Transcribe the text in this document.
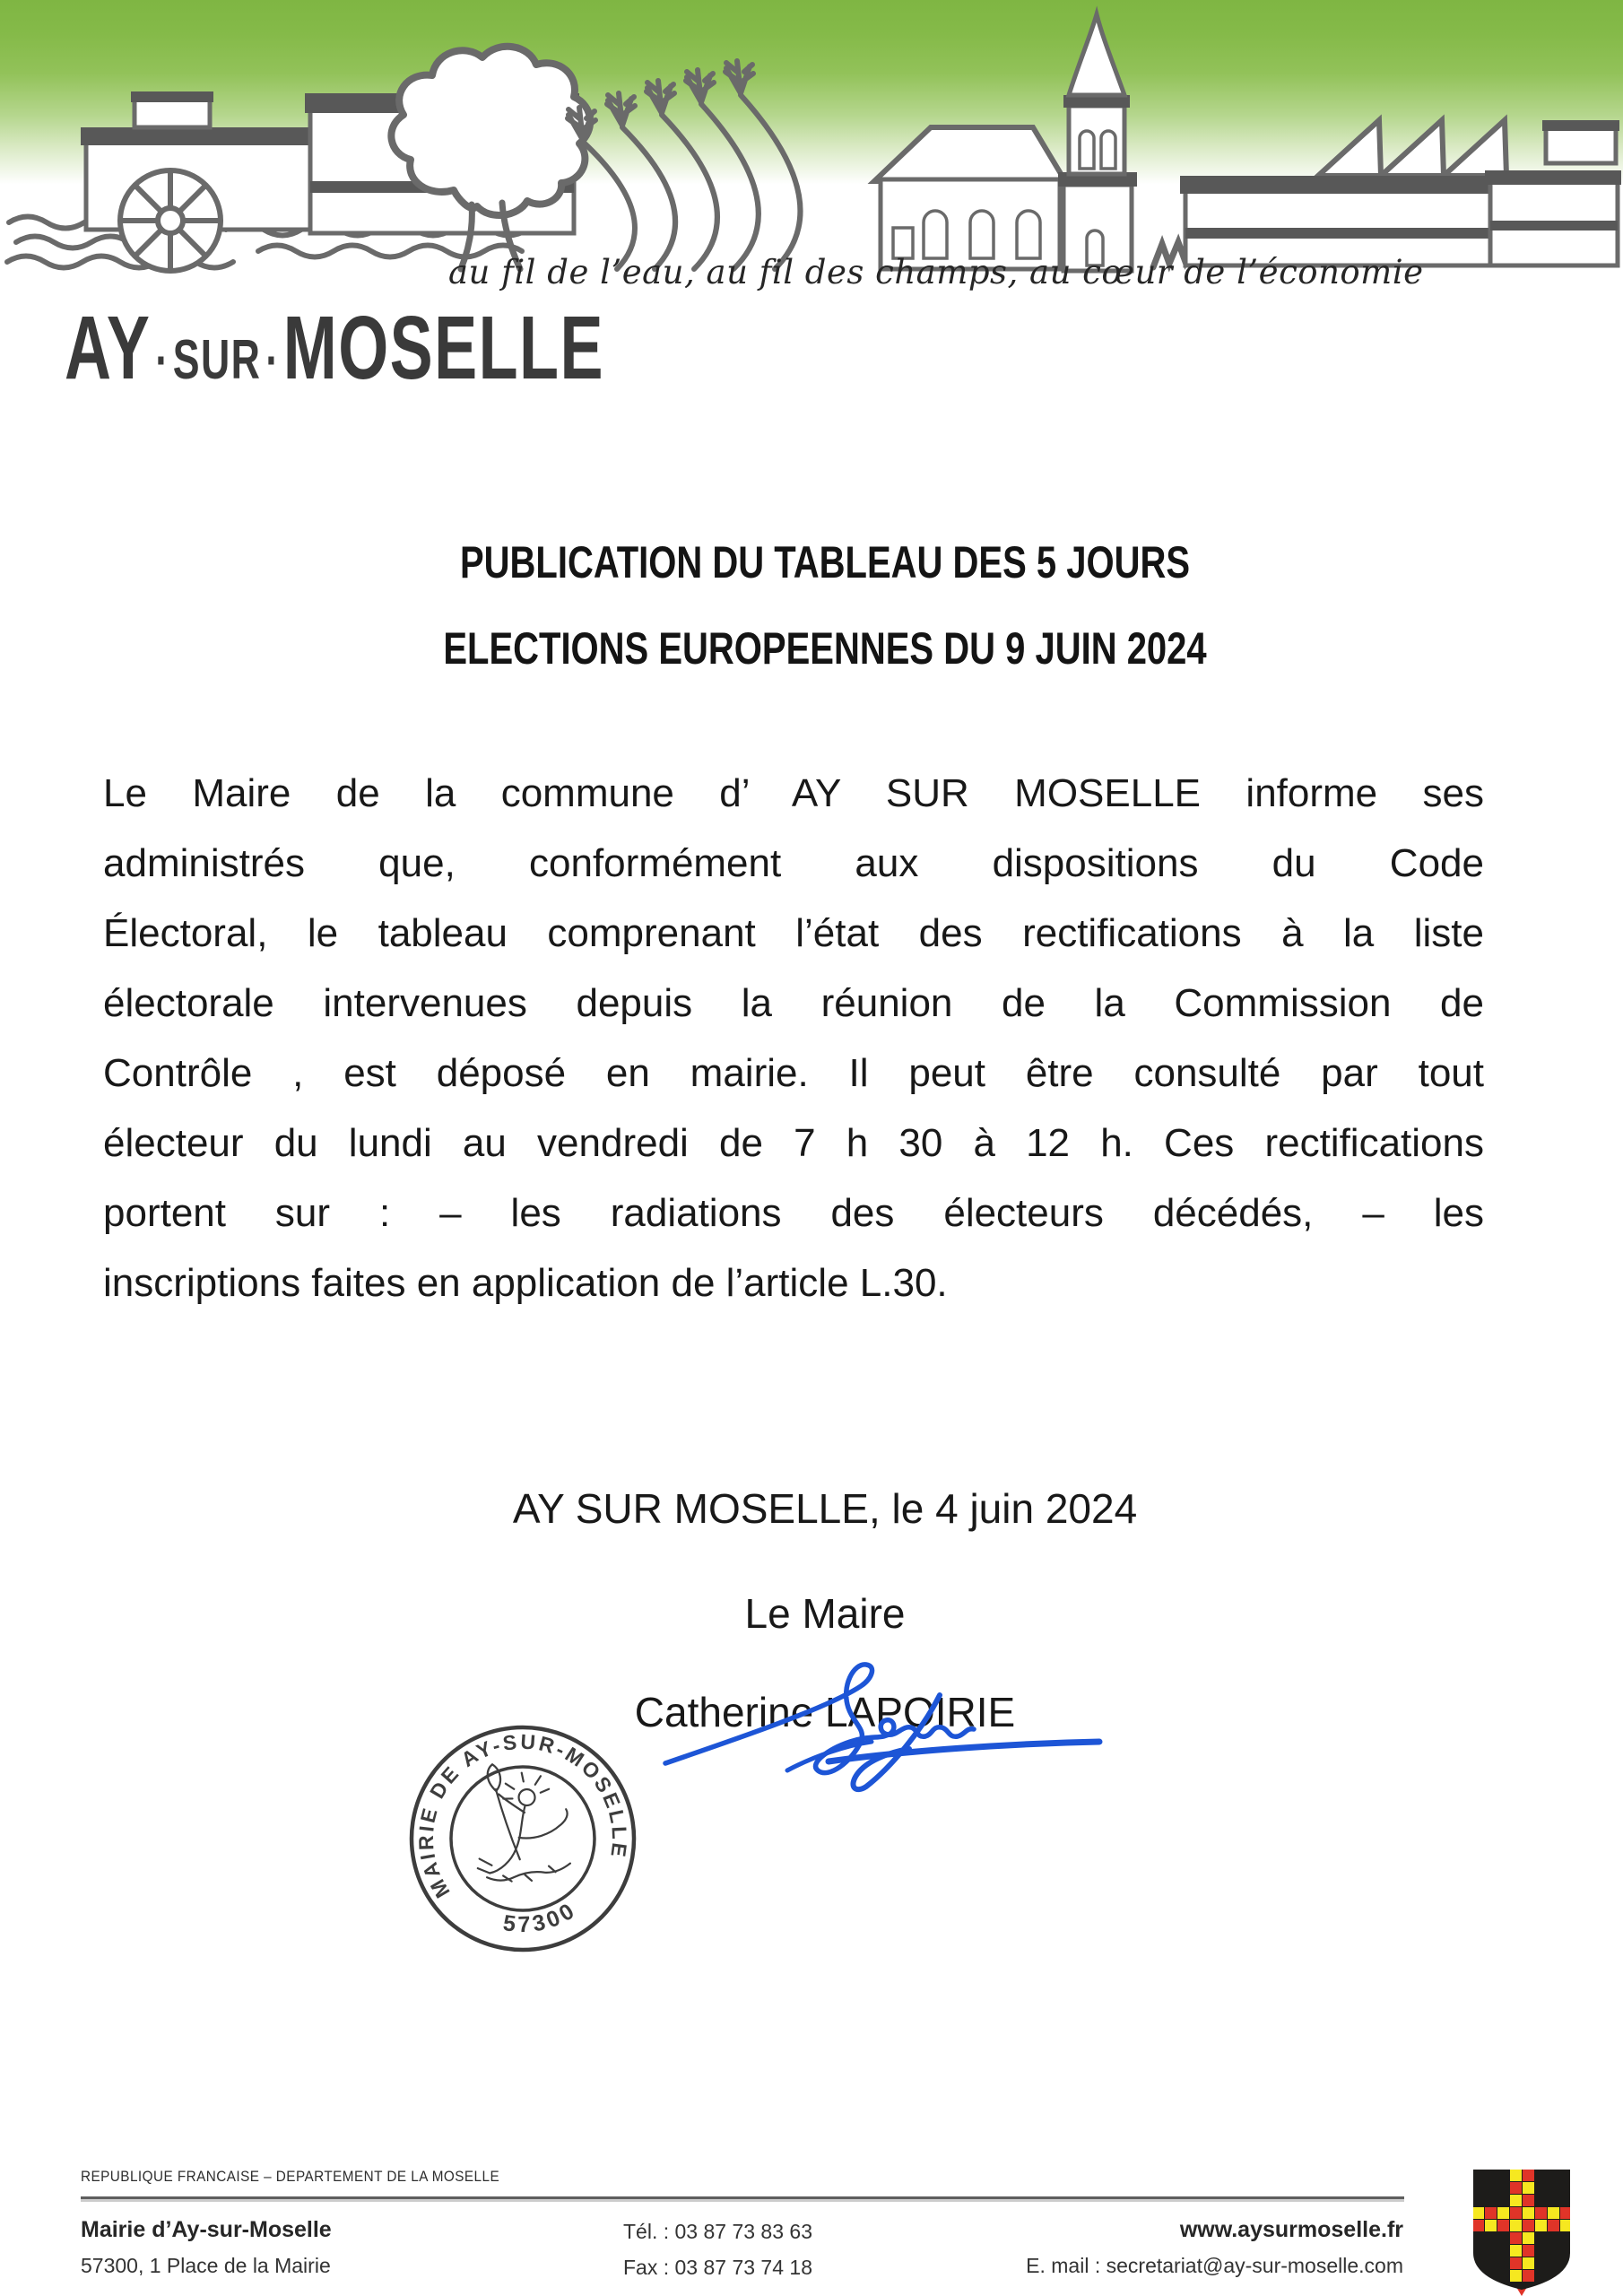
au fil de l’eau, au fil des champs, au cœur de l’économie
AY · SUR · MOSELLE
PUBLICATION DU TABLEAU DES 5 JOURS
ELECTIONS EUROPEENNES DU 9 JUIN 2024
Le Maire de la commune d’ AY SUR MOSELLE informe ses
administrés que, conformément aux dispositions du Code
Électoral, le tableau comprenant l’état des rectifications à la liste
électorale intervenues depuis la réunion de la Commission de
Contrôle , est déposé en mairie. Il peut être consulté par tout
électeur du lundi au vendredi de 7 h 30 à 12 h. Ces rectifications
portent sur : – les radiations des électeurs décédés, – les
inscriptions faites en application de l’article L.30.
AY SUR MOSELLE, le 4 juin 2024
Le Maire
Catherine LAPOIRIE
MAIRIE DE AY-SUR-MOSELLE
★ 57300 ★
REPUBLIQUE FRANCAISE – DEPARTEMENT DE LA MOSELLE
Mairie d’Ay-sur-Moselle
57300, 1 Place de la Mairie
Tél. : 03 87 73 83 63
Fax : 03 87 73 74 18
www.aysurmoselle.fr
E. mail : secretariat@ay-sur-moselle.com
